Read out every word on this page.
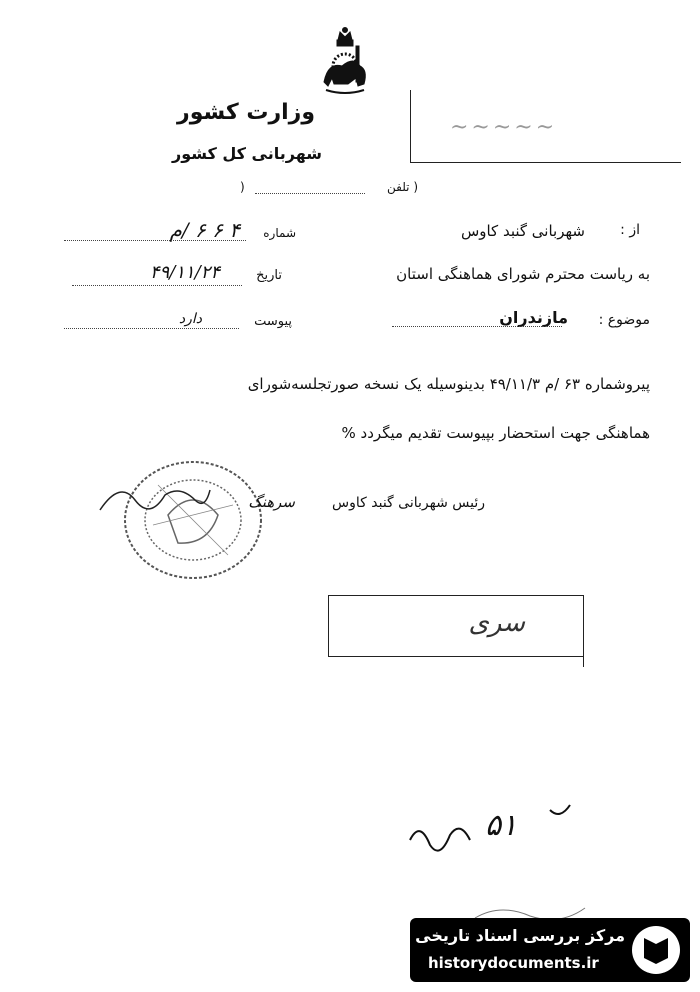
وزارت کشور
شهربانی کل کشور
( تلفن
)
~~~~~
از :
شهربانی گنبد کاوس
شماره
۴ ۶ ۶ /م
به ریاست محترم شورای هماهنگی استان
تاریخ
۴۹/۱۱/۲۴
موضوع :
مازندران
پیوست
دارد
پیروشماره ۶۳ /م ۴۹/۱۱/۳ بدینوسیله یک نسخه صورتجلسه‌شورای
هماهنگی جهت استحضار بپیوست تقدیم میگردد %
رئیس شهربانی گنبد کاوس
سرهنگ
سری
۵۱
مرکز بررسی اسناد تاریخی
historydocuments.ir
